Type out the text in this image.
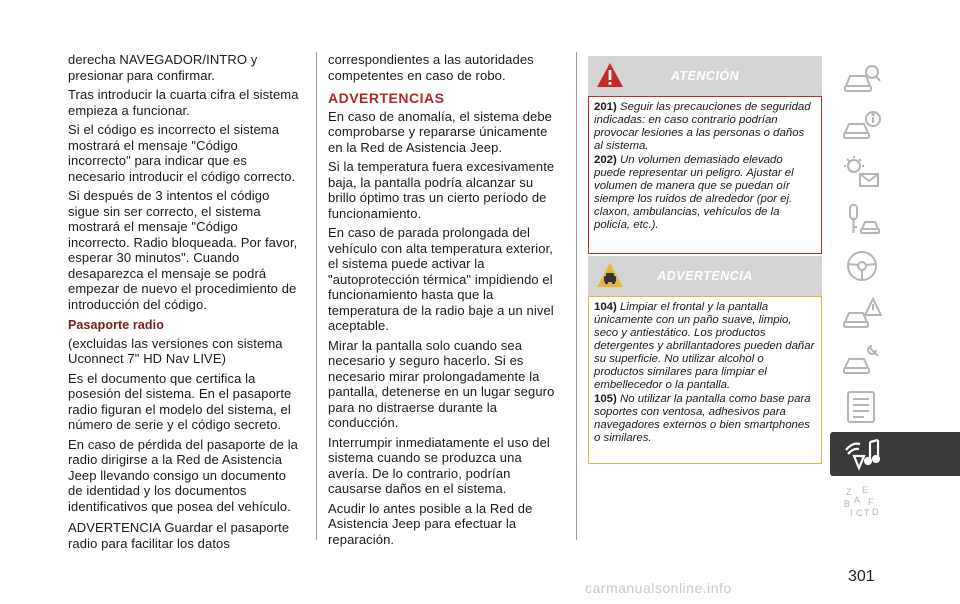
derecha NAVEGADOR/INTRO y presionar para confirmar.

Tras introducir la cuarta cifra el sistema empieza a funcionar.

Si el código es incorrecto el sistema mostrará el mensaje "Código incorrecto" para indicar que es necesario introducir el código correcto.

Si después de 3 intentos el código sigue sin ser correcto, el sistema mostrará el mensaje "Código incorrecto. Radio bloqueada. Por favor, esperar 30 minutos". Cuando desaparezca el mensaje se podrá empezar de nuevo el procedimiento de introducción del código.

Pasaporte radio

(excluidas las versiones con sistema Uconnect 7" HD Nav LIVE)

Es el documento que certifica la posesión del sistema. En el pasaporte radio figuran el modelo del sistema, el número de serie y el código secreto.

En caso de pérdida del pasaporte de la radio dirigirse a la Red de Asistencia Jeep llevando consigo un documento de identidad y los documentos identificativos que posea del vehículo.

ADVERTENCIA Guardar el pasaporte radio para facilitar los datos

correspondientes a las autoridades competentes en caso de robo.

ADVERTENCIAS

En caso de anomalía, el sistema debe comprobarse y repararse únicamente en la Red de Asistencia Jeep.

Si la temperatura fuera excesivamente baja, la pantalla podría alcanzar su brillo óptimo tras un cierto período de funcionamiento.

En caso de parada prolongada del vehículo con alta temperatura exterior, el sistema puede activar la "autoprotección térmica" impidiendo el funcionamiento hasta que la temperatura de la radio baje a un nivel aceptable.

Mirar la pantalla solo cuando sea necesario y seguro hacerlo. Si es necesario mirar prolongadamente la pantalla, detenerse en un lugar seguro para no distraerse durante la conducción.

Interrumpir inmediatamente el uso del sistema cuando se produzca una avería. De lo contrario, podrían causarse daños en el sistema.

Acudir lo antes posible a la Red de Asistencia Jeep para efectuar la reparación.

ATENCIÓN

201) Seguir las precauciones de seguridad indicadas: en caso contrario podrían provocar lesiones a las personas o daños al sistema.

202) Un volumen demasiado elevado puede representar un peligro. Ajustar el volumen de manera que se puedan oír siempre los ruidos de alrededor (por ej. claxon, ambulancias, vehículos de la policía, etc.).

ADVERTENCIA

104) Limpiar el frontal y la pantalla únicamente con un paño suave, limpio, seco y antiestático. Los productos detergentes y abrillantadores pueden dañar su superficie. No utilizar alcohol o productos similares para limpiar el embellecedor o la pantalla.

105) No utilizar la pantalla como base para soportes con ventosa, adhesivos para navegadores externos o bien smartphones o similares.

Z E
A
B F
I C T D
301
carmanualsonline.info
